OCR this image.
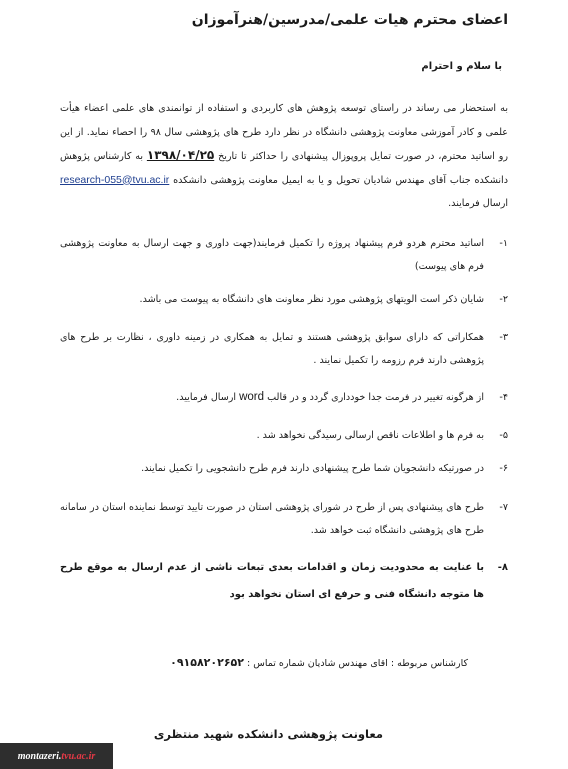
اعضای محترم هیات علمی/مدرسین/هنرآموزان
با سلام و احترام
به استحضار می رساند در راستای توسعه پژوهش های کاربردی و استفاده از توانمندی های علمی اعضاء هیأت علمی و کادر آموزشی معاونت پژوهشی دانشگاه در نظر دارد طرح های پژوهشی سال ۹۸ را احصاء نماید. از این رو اساتید محترم، در صورت تمایل پروپوزال پیشنهادی را حداکثر تا تاریخ ۱۳۹۸/۰۴/۲۵ به کارشناس پژوهش دانشکده جناب آقای مهندس شادیان تحویل و یا به ایمیل معاونت پژوهشی دانشکده research-055@tvu.ac.ir ارسال فرمایند.
۱-
اساتید محترم هردو فرم پیشنهاد پروژه را تکمیل فرمایند(جهت داوری و جهت ارسال به معاونت پژوهشی فرم های پیوست)
۲-
شایان ذکر است الویتهای پژوهشی مورد نظر معاونت های دانشگاه به پیوست می باشد.
۳-
همکاراتی که دارای سوابق پژوهشی هستند و تمایل به همکاری در زمینه داوری ، نظارت بر طرح های پژوهشی دارند فرم رزومه را تکمیل نمایند .
۴-
از هرگونه تغییر در فرمت جدا خودداری گردد و در قالب word ارسال فرمایید.
۵-
به فرم ها و اطلاعات ناقص ارسالی رسیدگی نخواهد شد .
۶-
در صورتیکه دانشجویان شما طرح پیشنهادی دارند فرم طرح دانشجویی را تکمیل نمایند.
۷-
طرح های پیشنهادی پس از طرح در شورای پژوهشی استان در صورت تایید توسط نماینده استان در سامانه طرح های پژوهشی دانشگاه ثبت خواهد شد.
۸-
با عنایت به محدودیت زمان و اقدامات بعدی تبعات ناشی از عدم ارسال به موقع طرح ها متوجه دانشگاه فنی و حرفع ای استان نخواهد بود
کارشناس مربوطه : اقای مهندس شادیان شماره تماس : ۰۹۱۵۸۲۰۲۶۵۲
معاونت پژوهشی دانشکده شهید منتظری
montazeri. tvu.ac.ir
